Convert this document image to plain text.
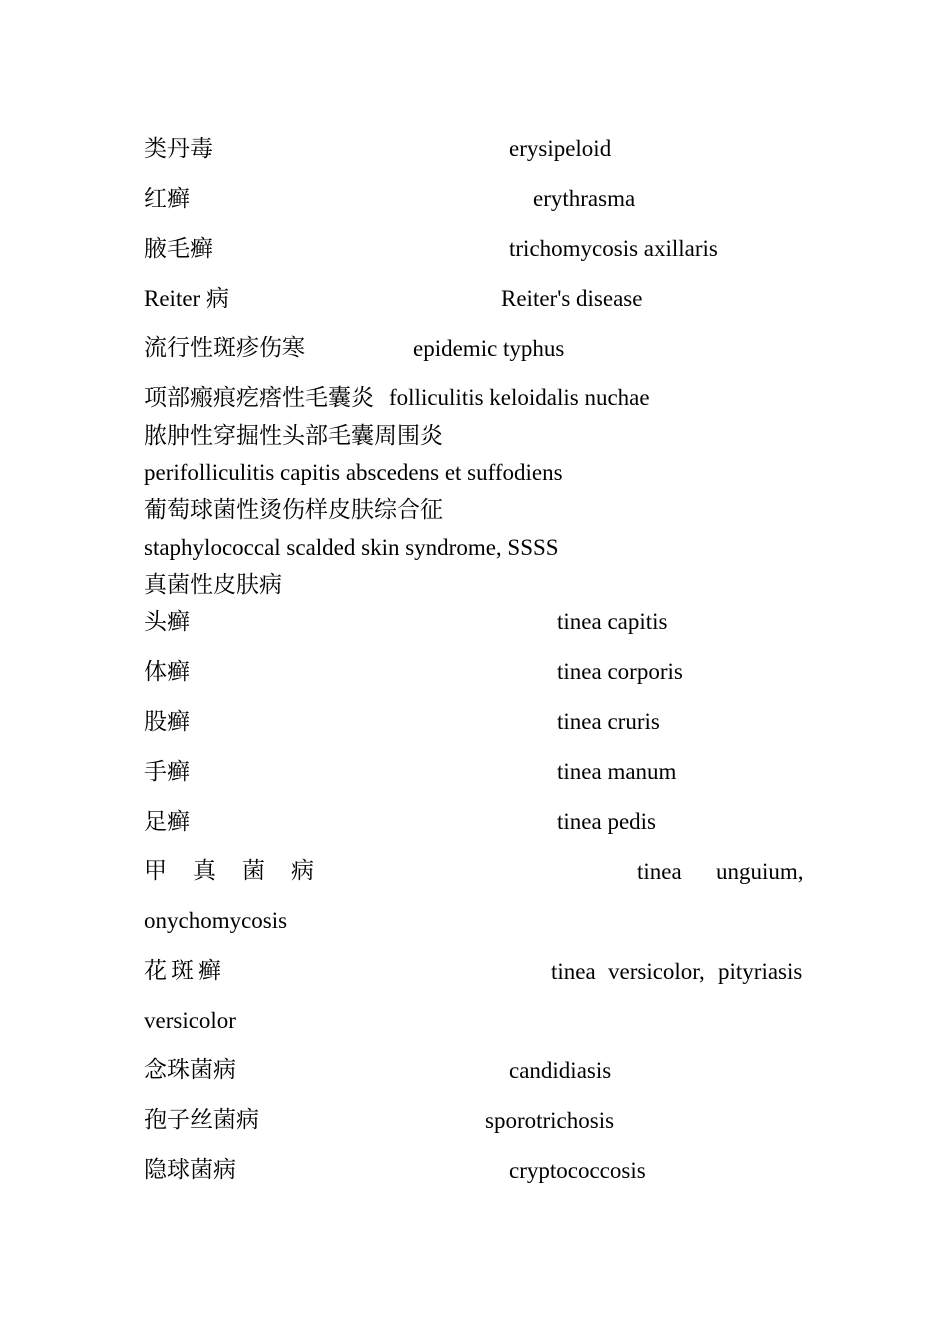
类丹毒	erysipeloid
红癣	erythrasma
腋毛癣	trichomycosis axillaris
Reiter 病	Reiter's disease
流行性斑疹伤寒	epidemic typhus
项部瘢痕疙瘩性毛囊炎 folliculitis keloidalis nuchae
脓肿性穿掘性头部毛囊周围炎
perifolliculitis capitis abscedens et suffodiens
葡萄球菌性烫伤样皮肤综合征
staphylococcal scalded skin syndrome, SSSS
真菌性皮肤病
头癣	tinea capitis
体癣	tinea corporis
股癣	tinea cruris
手癣	tinea manum
足癣	tinea pedis
甲真菌病	tinea unguium,
onychomycosis
花斑癣	tinea versicolor, pityriasis
versicolor
念珠菌病	candidiasis
孢子丝菌病	sporotrichosis
隐球菌病	cryptococcosis
